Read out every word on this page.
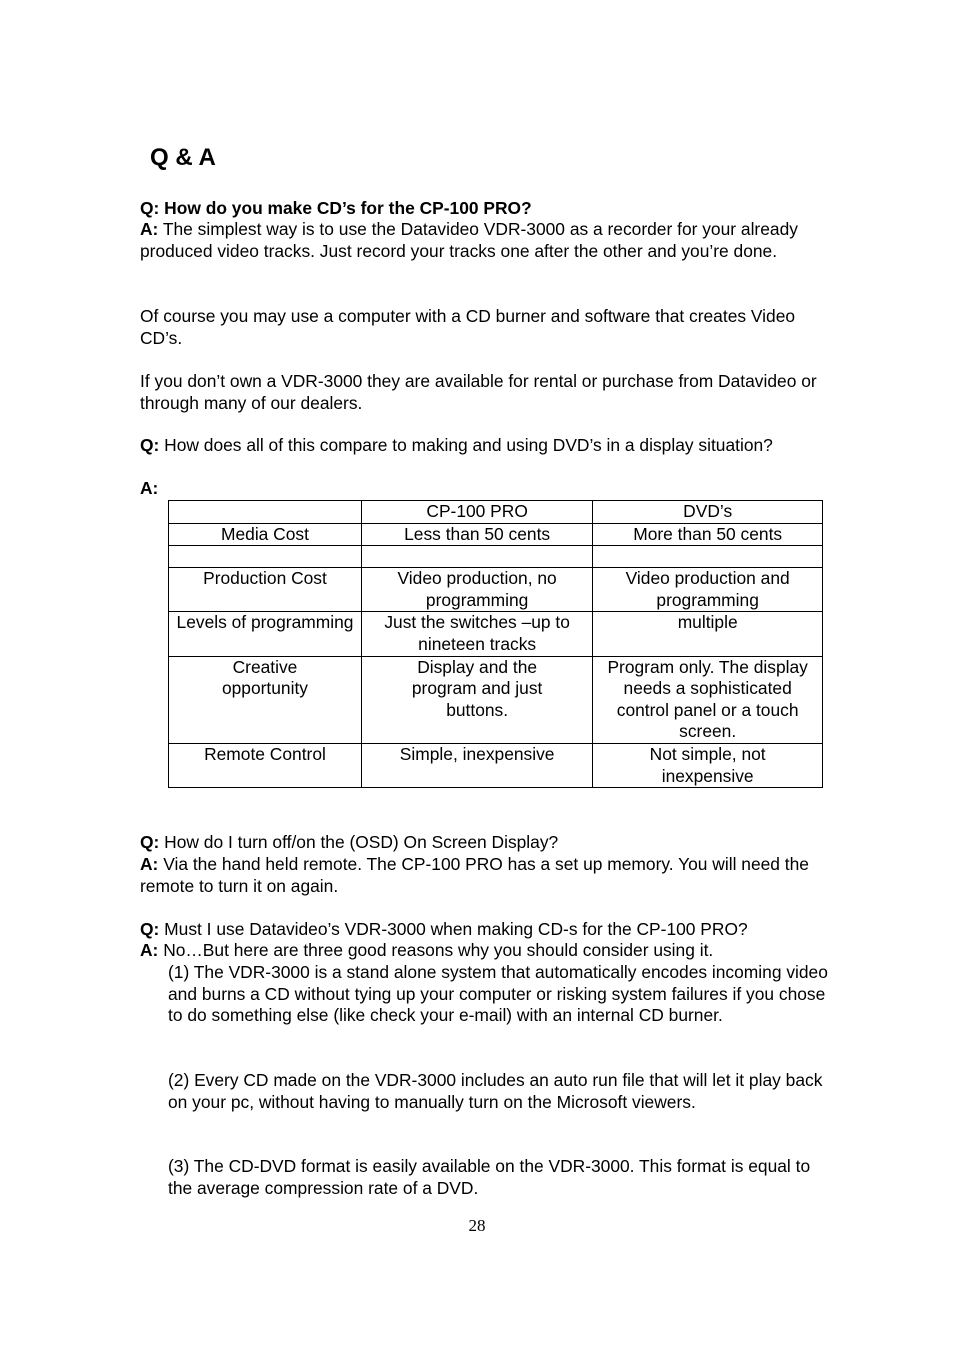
Q & A

Q: How do you make CD’s for the CP-100 PRO?

A: The simplest way is to use the Datavideo VDR-3000 as a recorder for your already produced video tracks. Just record your tracks one after the other and you’re done.

Of course you may use a computer with a CD burner and software that creates Video CD’s.

If you don’t own a VDR-3000 they are available for rental or purchase from Datavideo or through many of our dealers.

Q: How does all of this compare to making and using DVD’s in a display situation?

A:

	CP-100 PRO	DVD’s
Media Cost	Less than 50 cents	More than 50 cents

Production Cost	Video production, no programming	Video production and programming
Levels of programming	Just the switches –up to nineteen tracks	multiple
Creative opportunity	Display and the program and just buttons.	Program only. The display needs a sophisticated control panel or a touch screen.
Remote Control	Simple, inexpensive	Not simple, not inexpensive

Q: How do I turn off/on the (OSD) On Screen Display?

A: Via the hand held remote. The CP-100 PRO has a set up memory. You will need the remote to turn it on again.

Q: Must I use Datavideo’s VDR-3000 when making CD-s for the CP-100 PRO?

A: No…But here are three good reasons why you should consider using it.

(1) The VDR-3000 is a stand alone system that automatically encodes incoming video and burns a CD without tying up your computer or risking system failures if you chose to do something else (like check your e-mail) with an internal CD burner.

(2) Every CD made on the VDR-3000 includes an auto run file that will let it play back on your pc, without having to manually turn on the Microsoft viewers.

(3) The CD-DVD format is easily available on the VDR-3000. This format is equal to the average compression rate of a DVD.

28
